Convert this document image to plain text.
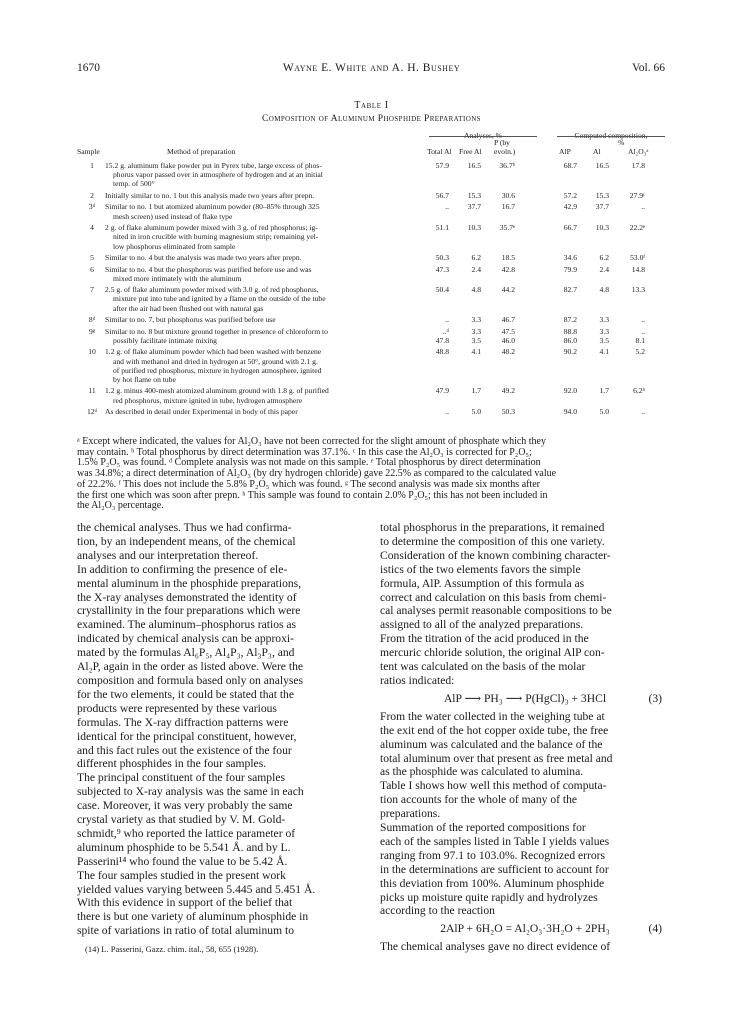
1670	Wayne E. White and A. H. Bushey	Vol. 66
Table I
Composition of Aluminum Phosphide Preparations
Analyses, %	Computed composition,
P (by	%
Sample	Method of preparation	Total Al Free Al evoln.)	AlP	Al	Al₂O₃ᵃ
1	15.2 g. aluminum flake powder put in Pyrex tube, large excess of phos-
phorus vapor passed over in atmosphere of hydrogen and at an initial
temp. of 500°
57.9	16.5	36.7ᵇ	68.7	16.5	17.8
2	Initially similar to no. 1 but this analysis made two years after prepn.	56.7	15.3	30.6	57.2	15.3	27.9ᶜ
3ᵈ	Similar to no. 1 but atomized aluminum powder (80–85% through 325
mesh screen) used instead of flake type
..	37.7	16.7	42.9	37.7	..
4	2 g. of flake aluminum powder mixed with 3 g. of red phosphorus; ig-
nited in iron crucible with burning magnesium strip; remaining yel-
low phosphorus eliminated from sample
51.1	10.3	35.7ᵉ	66.7	10.3	22.2ᵉ
5	Similar to no. 4 but the analysis was made two years after prepn.	50.3	6.2	18.5	34.6	6.2	53.0ᶠ
6	Similar to no. 4 but the phosphorus was purified before use and was
mixed more intimately with the aluminum
47.3	2.4	42.8	79.9	2.4	14.8
7	2.5 g. of flake aluminum powder mixed with 3.0 g. of red phosphorus,
mixture put into tube and ignited by a flame on the outside of the tube
after the air had been flushed out with natural gas
50.4	4.8	44.2	82.7	4.8	13.3
8ᵈ	Similar to no. 7, but phosphorus was purified before use	..	3.3	46.7	87.2	3.3	..
9ᵍ	Similar to no. 8 but mixture ground together in presence of chloroform to
possibly facilitate intimate mixing
..ᵈ	3.3	47.5	88.8	3.3	..
47.8	3.5	46.0	86.0	3.5	8.1
10	1.2 g. of flake aluminum powder which had been washed with benzene
and with methanol and dried in hydrogen at 50°, ground with 2.1 g.
of purified red phosphorus, mixture in hydrogen atmosphere, ignited
by hot flame on tube
48.8	4.1	48.2	90.2	4.1	5.2
11	1.2 g. minus 400-mesh atomized aluminum ground with 1.8 g. of purified
red phosphorus, mixture ignited in tube, hydrogen atmosphere
47.9	1.7	49.2	92.0	1.7	6.2ʰ
12ᵈ	As described in detail under Experimental in body of this paper	..	5.0	50.3	94.0	5.0	..
ᵃ Except where indicated, the values for Al₂O₃ have not been corrected for the slight amount of phosphate which they
may contain. ᵇ Total phosphorus by direct determination was 37.1%. ᶜ In this case the Al₂O₃ is corrected for P₂O₅;
1.5% P₂O₅ was found. ᵈ Complete analysis was not made on this sample. ᵉ Total phosphorus by direct determination
was 34.8%; a direct determination of Al₂O₃ (by dry hydrogen chloride) gave 22.5% as compared to the calculated value
of 22.2%. ᶠ This does not include the 5.8% P₂O₅ which was found. ᵍ The second analysis was made six months after
the first one which was soon after prepn. ʰ This sample was found to contain 2.0% P₂O₅; this has not been included in
the Al₂O₃ percentage.
the chemical analyses. Thus we had confirma-
tion, by an independent means, of the chemical
analyses and our interpretation thereof.
In addition to confirming the presence of ele-
mental aluminum in the phosphide preparations,
the X-ray analyses demonstrated the identity of
crystallinity in the four preparations which were
examined. The aluminum–phosphorus ratios as
indicated by chemical analysis can be approxi-
mated by the formulas Al₆P₅, Al₄P₃, Al₃P₃, and
Al₂P, again in the order as listed above. Were the
composition and formula based only on analyses
for the two elements, it could be stated that the
products were represented by these various
formulas. The X-ray diffraction patterns were
identical for the principal constituent, however,
and this fact rules out the existence of the four
different phosphides in the four samples.
The principal constituent of the four samples
subjected to X-ray analysis was the same in each
case. Moreover, it was very probably the same
crystal variety as that studied by V. M. Gold-
schmidt,⁹ who reported the lattice parameter of
aluminum phosphide to be 5.541 Å. and by L.
Passerini¹⁴ who found the value to be 5.42 Å.
The four samples studied in the present work
yielded values varying between 5.445 and 5.451 Å.
With this evidence in support of the belief that
there is but one variety of aluminum phosphide in
spite of variations in ratio of total aluminum to
(14) L. Passerini, Gazz. chim. ital., 58, 655 (1928).
total phosphorus in the preparations, it remained
to determine the composition of this one variety.
Consideration of the known combining character-
istics of the two elements favors the simple
formula, AlP. Assumption of this formula as
correct and calculation on this basis from chemi-
cal analyses permit reasonable compositions to be
assigned to all of the analyzed preparations.
From the titration of the acid produced in the
mercuric chloride solution, the original AlP con-
tent was calculated on the basis of the molar
ratios indicated:
AlP ⟶ PH₃ ⟶ P(HgCl)₃ + 3HCl	(3)
From the water collected in the weighing tube at
the exit end of the hot copper oxide tube, the free
aluminum was calculated and the balance of the
total aluminum over that present as free metal and
as the phosphide was calculated to alumina.
Table I shows how well this method of computa-
tion accounts for the whole of many of the
preparations.
Summation of the reported compositions for
each of the samples listed in Table I yields values
ranging from 97.1 to 103.0%. Recognized errors
in the determinations are sufficient to account for
this deviation from 100%. Aluminum phosphide
picks up moisture quite rapidly and hydrolyzes
according to the reaction
2AlP + 6H₂O = Al₂O₃·3H₂O + 2PH₃	(4)
The chemical analyses gave no direct evidence of
